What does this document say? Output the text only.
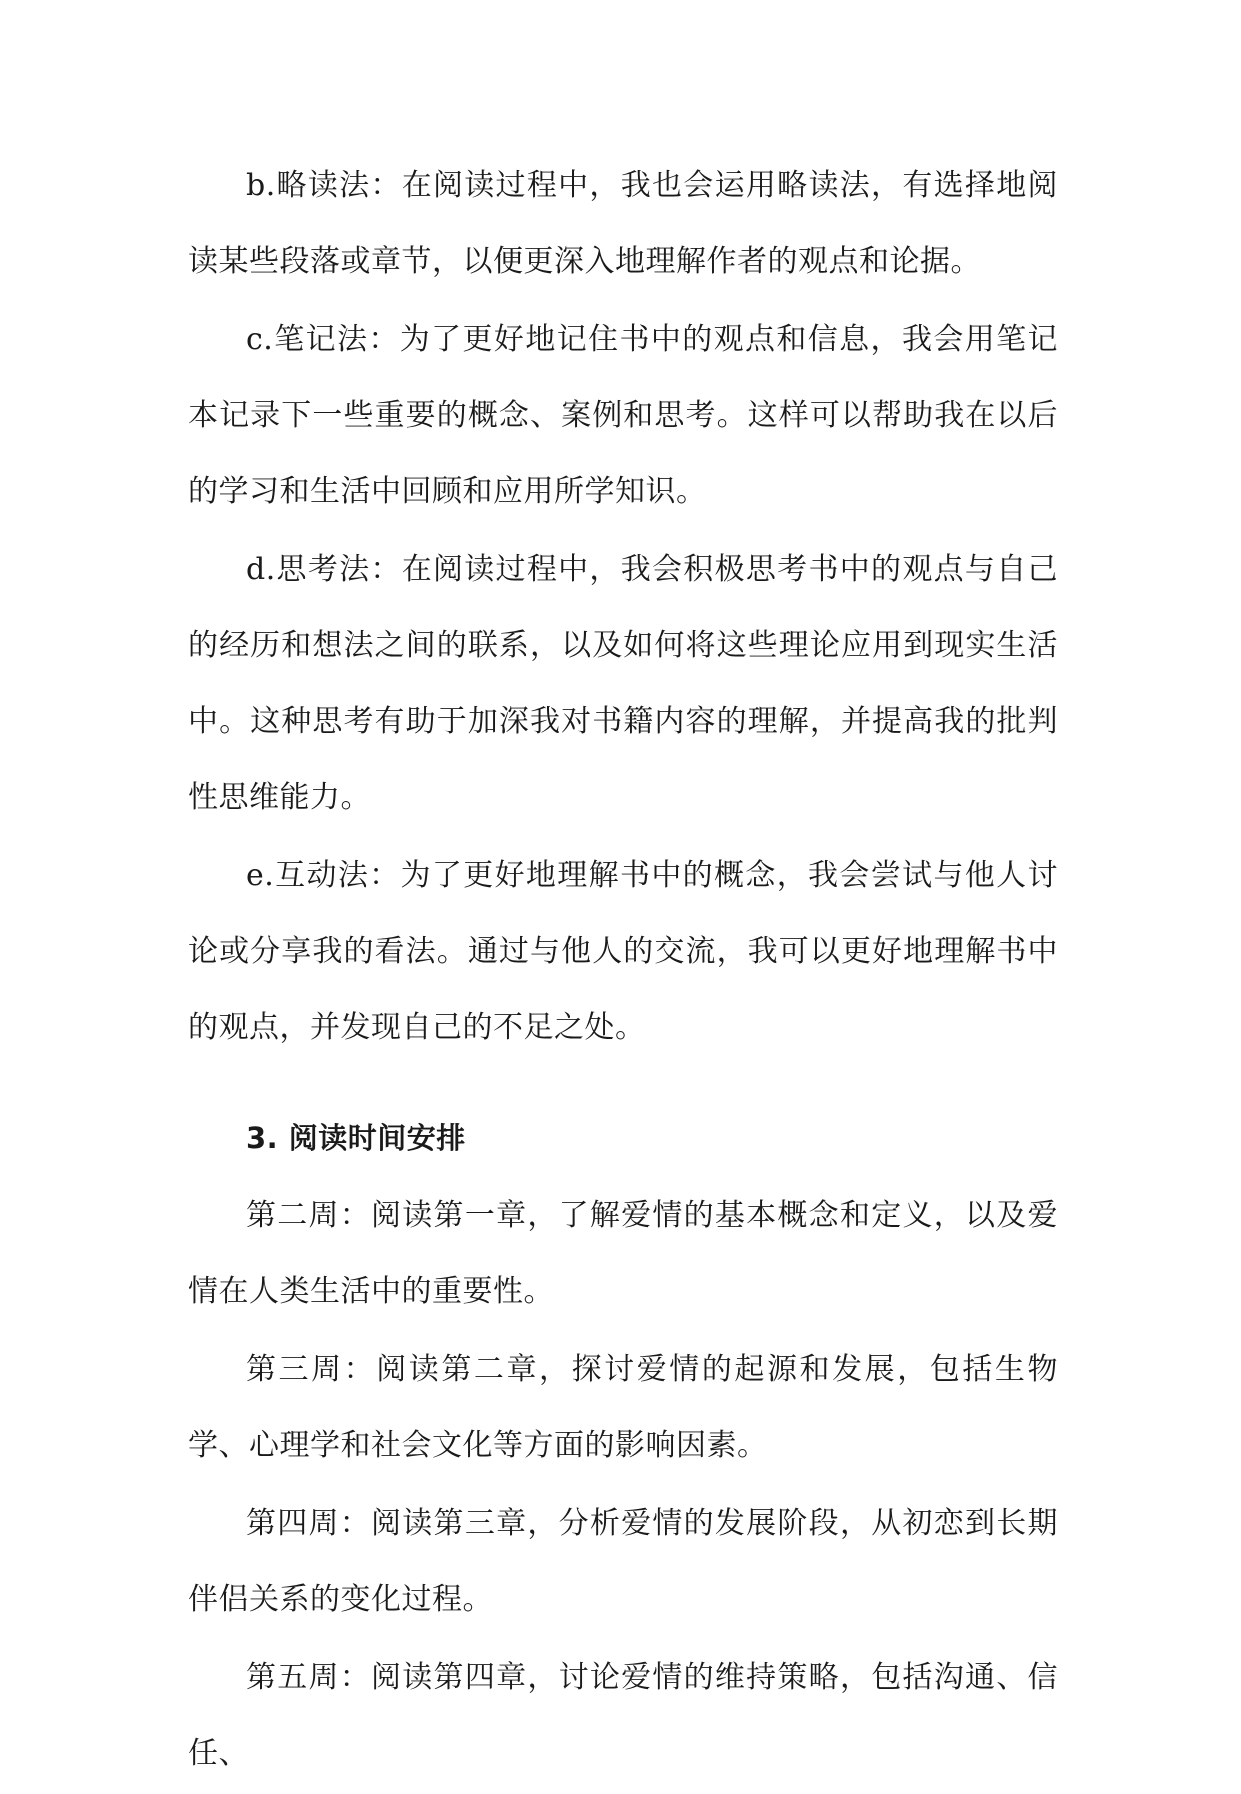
b.略读法：在阅读过程中，我也会运用略读法，有选择地阅读某些段落或章节，以便更深入地理解作者的观点和论据。

c.笔记法：为了更好地记住书中的观点和信息，我会用笔记本记录下一些重要的概念、案例和思考。这样可以帮助我在以后的学习和生活中回顾和应用所学知识。

d.思考法：在阅读过程中，我会积极思考书中的观点与自己的经历和想法之间的联系，以及如何将这些理论应用到现实生活中。这种思考有助于加深我对书籍内容的理解，并提高我的批判性思维能力。

e.互动法：为了更好地理解书中的概念，我会尝试与他人讨论或分享我的看法。通过与他人的交流，我可以更好地理解书中的观点，并发现自己的不足之处。

3. 阅读时间安排

第二周：阅读第一章，了解爱情的基本概念和定义，以及爱情在人类生活中的重要性。

第三周：阅读第二章，探讨爱情的起源和发展，包括生物学、心理学和社会文化等方面的影响因素。

第四周：阅读第三章，分析爱情的发展阶段，从初恋到长期伴侣关系的变化过程。

第五周：阅读第四章，讨论爱情的维持策略，包括沟通、信任、
